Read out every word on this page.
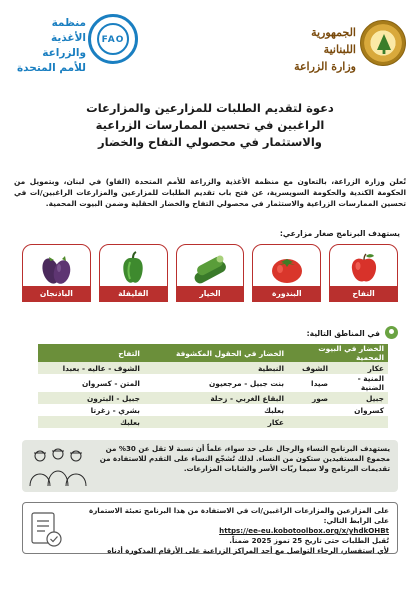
الجمهورية اللبنانية
وزارة الزراعة
FAO
منظمة
الأغذية والزراعة
للأمم المتحدة
دعوة لتقديم الطلبات للمزارعين والمزارعات
الراغبين في تحسين الممارسات الزراعية
والاستثمار في محصولي التفاح والخضار
تُعلن وزارة الزراعة، بالتعاون مع منظمة الأغذية والزراعة للأمم المتحدة (الفاو) في لبنان، وبتمويل من الحكومة الكندية والحكومة السويسرية، عن فتح باب تقديم الطلبات للمزارعين والمزارعات الراغبين/ات في تحسين الممارسات الزراعية والاستثمار في محصولي التفاح والخضار الحقلية وضمن البيوت المحمية.
يستهدف البرنامج صغار مزارعي:
التفاح
البندورة
الخيار
الفليفلة
الباذنجان
في المناطق التالية:
الخضار في البيوت المحمية		الخضار في الحقول المكشوفة	التفاح
عكار	الشوف	النبطية	الشوف - عاليه - بعبدا
المنية - الضنية	صيدا	بنت جبيل - مرجعيون	المتن - كسروان
جبيل	صور	البقاع الغربي - زحلة	جبيل - البترون
كسروان		بعلبك	بشري - زغرتا
		عكار	بعلبك
يستهدف البرنامج النساء والرجال على حد سواء، علماً أن نسبة لا تقل عن 30% من مجموع المستفيدين ستكون من النساء. لذلك تُشجّع النساء على التقدم للاستفادة من تقديمات البرنامج ولا سيما ربّات الأسر والشابات المزارعات.
على المزارعين والمزارعات الراغبين/ات في الاستفادة من هذا البرنامج تعبئة الاستمارة على الرابط التالي:
https://ee-eu.kobotoolbox.org/x/yhdkOHBt
تُقبل الطلبات حتى تاريخ 25 تموز 2025 ضمناً.
لأي استفسار، الرجاء التواصل مع أحد المراكز الزراعية على الأرقام المذكورة أدناه
